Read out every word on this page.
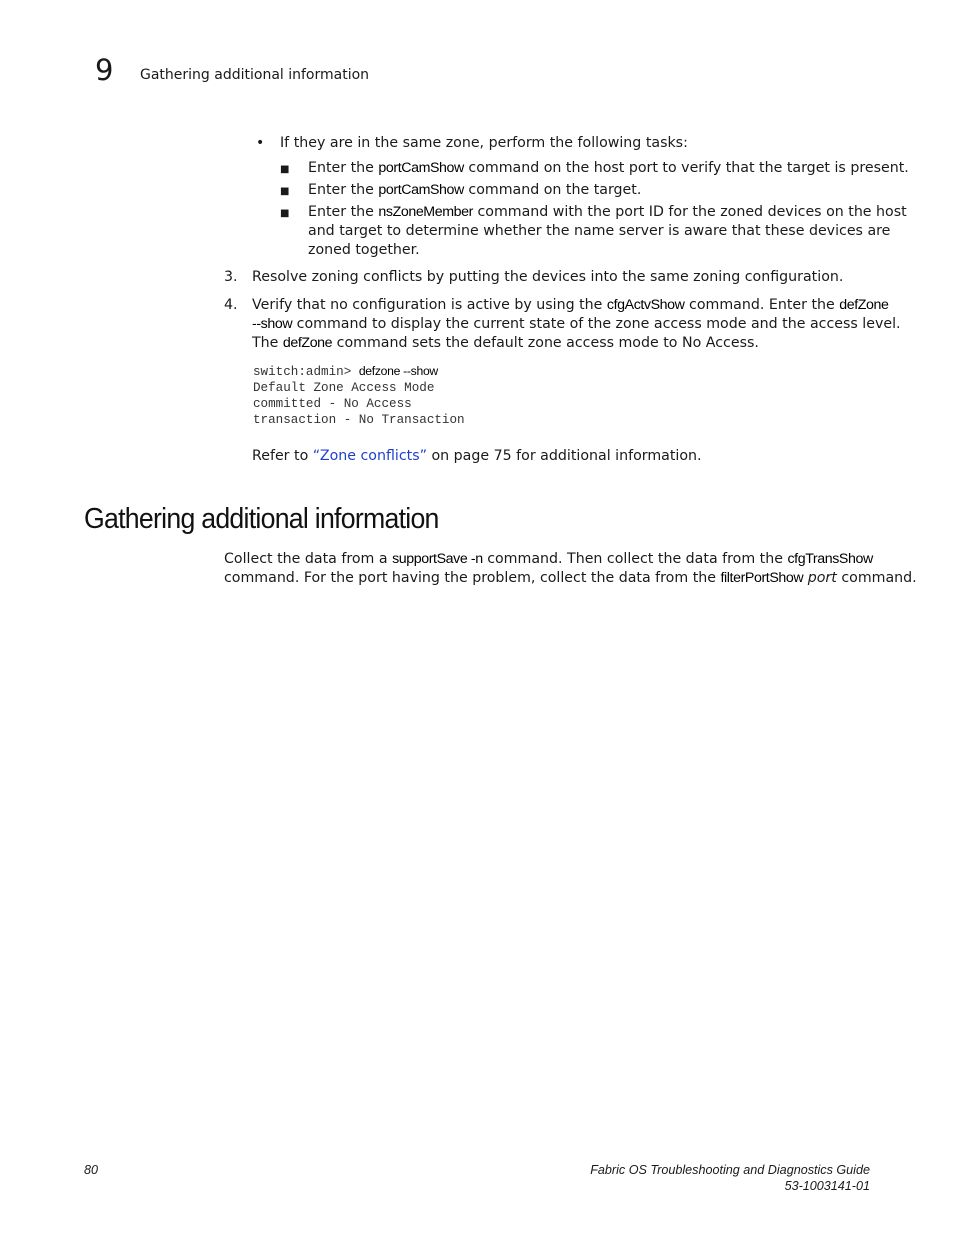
9 Gathering additional information
• If they are in the same zone, perform the following tasks:
■ Enter the portCamShow command on the host port to verify that the target is present.
■ Enter the portCamShow command on the target.
■ Enter the nsZoneMember command with the port ID for the zoned devices on the host
and target to determine whether the name server is aware that these devices are
zoned together.
3. Resolve zoning conflicts by putting the devices into the same zoning configuration.
4. Verify that no configuration is active by using the cfgActvShow command. Enter the defZone
--show command to display the current state of the zone access mode and the access level.
The defZone command sets the default zone access mode to No Access.
switch:admin> defzone --show
Default Zone Access Mode
committed - No Access
transaction - No Transaction
Refer to “Zone conflicts” on page 75 for additional information.
Gathering additional information
Collect the data from a supportSave -n command. Then collect the data from the cfgTransShow
command. For the port having the problem, collect the data from the filterPortShow port command.
80	Fabric OS Troubleshooting and Diagnostics Guide
53-1003141-01
